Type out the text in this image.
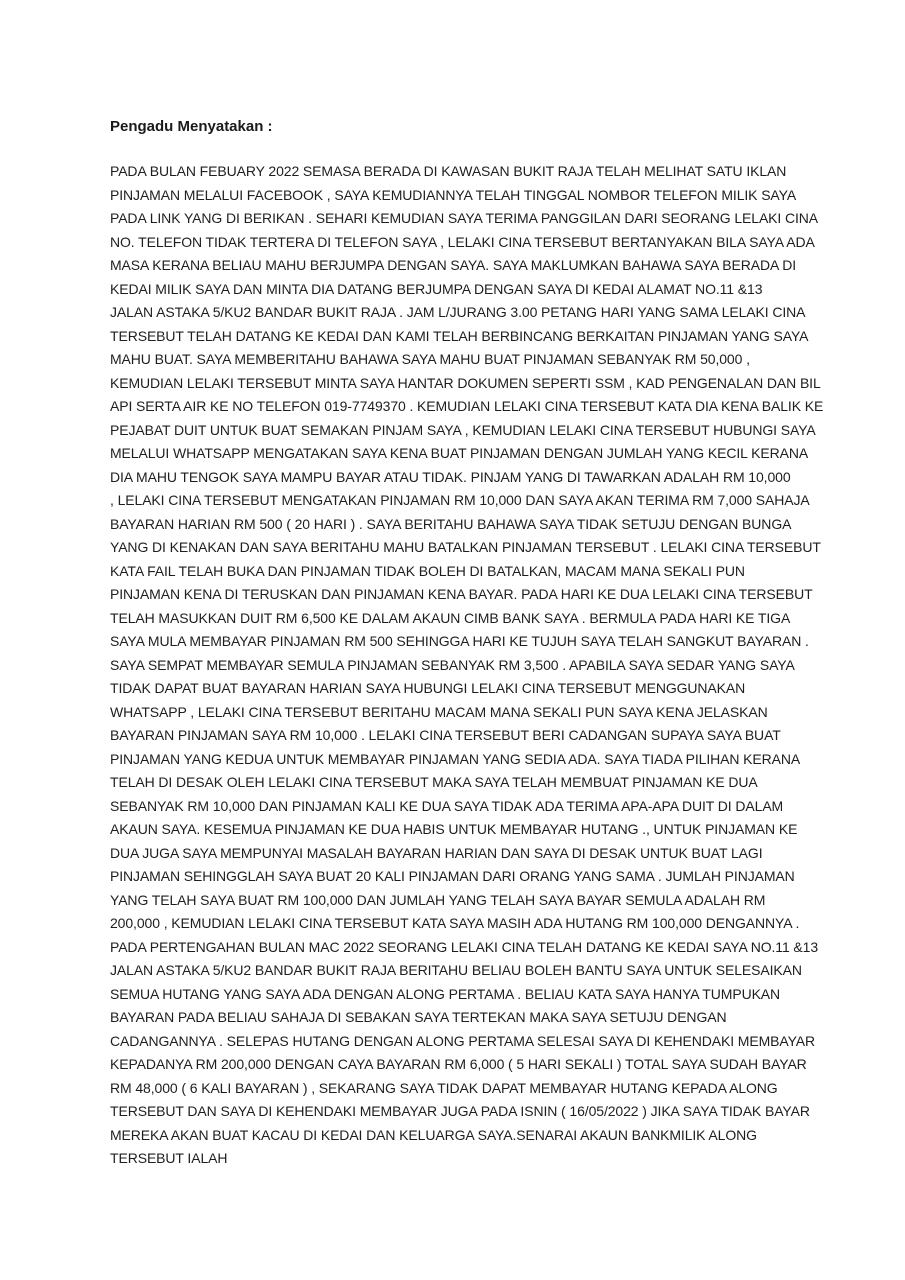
Pengadu Menyatakan :
PADA BULAN FEBUARY 2022 SEMASA BERADA DI KAWASAN BUKIT RAJA TELAH MELIHAT SATU IKLAN
PINJAMAN MELALUI FACEBOOK , SAYA KEMUDIANNYA TELAH TINGGAL NOMBOR TELEFON MILIK SAYA
PADA LINK YANG DI BERIKAN . SEHARI KEMUDIAN SAYA TERIMA PANGGILAN DARI SEORANG LELAKI CINA
NO. TELEFON TIDAK TERTERA DI TELEFON SAYA , LELAKI CINA TERSEBUT BERTANYAKAN BILA SAYA ADA
MASA KERANA BELIAU MAHU BERJUMPA DENGAN SAYA. SAYA MAKLUMKAN BAHAWA SAYA BERADA DI
KEDAI MILIK SAYA DAN MINTA DIA DATANG BERJUMPA DENGAN SAYA DI KEDAI ALAMAT NO.11 &13
JALAN ASTAKA 5/KU2 BANDAR BUKIT RAJA . JAM L/JURANG 3.00 PETANG HARI YANG SAMA LELAKI CINA
TERSEBUT TELAH DATANG KE KEDAI DAN KAMI TELAH BERBINCANG BERKAITAN PINJAMAN YANG SAYA
MAHU BUAT. SAYA MEMBERITAHU BAHAWA SAYA MAHU BUAT PINJAMAN SEBANYAK RM 50,000 ,
KEMUDIAN LELAKI TERSEBUT MINTA SAYA HANTAR DOKUMEN SEPERTI SSM , KAD PENGENALAN DAN BIL
API SERTA AIR KE NO TELEFON 019-7749370 . KEMUDIAN LELAKI CINA TERSEBUT KATA DIA KENA BALIK KE
PEJABAT DUIT UNTUK BUAT SEMAKAN PINJAM SAYA , KEMUDIAN LELAKI CINA TERSEBUT HUBUNGI SAYA
MELALUI WHATSAPP MENGATAKAN SAYA KENA BUAT PINJAMAN DENGAN JUMLAH YANG KECIL KERANA
DIA MAHU TENGOK SAYA MAMPU BAYAR ATAU TIDAK. PINJAM YANG DI TAWARKAN ADALAH RM 10,000
, LELAKI CINA TERSEBUT MENGATAKAN PINJAMAN RM 10,000 DAN SAYA AKAN TERIMA RM 7,000 SAHAJA
BAYARAN HARIAN RM 500 ( 20 HARI ) . SAYA BERITAHU BAHAWA SAYA TIDAK SETUJU DENGAN BUNGA
YANG DI KENAKAN DAN SAYA BERITAHU MAHU BATALKAN PINJAMAN TERSEBUT . LELAKI CINA TERSEBUT
KATA FAIL TELAH BUKA DAN PINJAMAN TIDAK BOLEH DI BATALKAN, MACAM MANA SEKALI PUN
PINJAMAN KENA DI TERUSKAN DAN PINJAMAN KENA BAYAR. PADA HARI KE DUA LELAKI CINA TERSEBUT
TELAH MASUKKAN DUIT RM 6,500 KE DALAM AKAUN CIMB BANK SAYA . BERMULA PADA HARI KE TIGA
SAYA MULA MEMBAYAR PINJAMAN RM 500 SEHINGGA HARI KE TUJUH SAYA TELAH SANGKUT BAYARAN .
SAYA SEMPAT MEMBAYAR SEMULA PINJAMAN SEBANYAK RM 3,500 . APABILA SAYA SEDAR YANG SAYA
TIDAK DAPAT BUAT BAYARAN HARIAN SAYA HUBUNGI LELAKI CINA TERSEBUT MENGGUNAKAN
WHATSAPP , LELAKI CINA TERSEBUT BERITAHU MACAM MANA SEKALI PUN SAYA KENA JELASKAN
BAYARAN PINJAMAN SAYA RM 10,000 . LELAKI CINA TERSEBUT BERI CADANGAN SUPAYA SAYA BUAT
PINJAMAN YANG KEDUA UNTUK MEMBAYAR PINJAMAN YANG SEDIA ADA. SAYA TIADA PILIHAN KERANA
TELAH DI DESAK OLEH LELAKI CINA TERSEBUT MAKA SAYA TELAH MEMBUAT PINJAMAN KE DUA
SEBANYAK RM 10,000 DAN PINJAMAN KALI KE DUA SAYA TIDAK ADA TERIMA APA-APA DUIT DI DALAM
AKAUN SAYA. KESEMUA PINJAMAN KE DUA HABIS UNTUK MEMBAYAR HUTANG ., UNTUK PINJAMAN KE
DUA JUGA SAYA MEMPUNYAI MASALAH BAYARAN HARIAN DAN SAYA DI DESAK UNTUK BUAT LAGI
PINJAMAN SEHINGGLAH SAYA BUAT 20 KALI PINJAMAN DARI ORANG YANG SAMA . JUMLAH PINJAMAN
YANG TELAH SAYA BUAT RM 100,000 DAN JUMLAH YANG TELAH SAYA BAYAR SEMULA ADALAH RM
200,000 , KEMUDIAN LELAKI CINA TERSEBUT KATA SAYA MASIH ADA HUTANG RM 100,000 DENGANNYA .
PADA PERTENGAHAN BULAN MAC 2022 SEORANG LELAKI CINA TELAH DATANG KE KEDAI SAYA NO.11 &13
JALAN ASTAKA 5/KU2 BANDAR BUKIT RAJA BERITAHU BELIAU BOLEH BANTU SAYA UNTUK SELESAIKAN
SEMUA HUTANG YANG SAYA ADA DENGAN ALONG PERTAMA . BELIAU KATA SAYA HANYA TUMPUKAN
BAYARAN PADA BELIAU SAHAJA DI SEBAKAN SAYA TERTEKAN MAKA SAYA SETUJU DENGAN
CADANGANNYA . SELEPAS HUTANG DENGAN ALONG PERTAMA SELESAI SAYA DI KEHENDAKI MEMBAYAR
KEPADANYA RM 200,000 DENGAN CAYA BAYARAN RM 6,000 ( 5 HARI SEKALI ) TOTAL SAYA SUDAH BAYAR
RM 48,000 ( 6 KALI BAYARAN ) , SEKARANG SAYA TIDAK DAPAT MEMBAYAR HUTANG KEPADA ALONG
TERSEBUT DAN SAYA DI KEHENDAKI MEMBAYAR JUGA PADA ISNIN ( 16/05/2022 ) JIKA SAYA TIDAK BAYAR
MEREKA AKAN BUAT KACAU DI KEDAI DAN KELUARGA SAYA.SENARAI AKAUN BANKMILIK ALONG
TERSEBUT IALAH
